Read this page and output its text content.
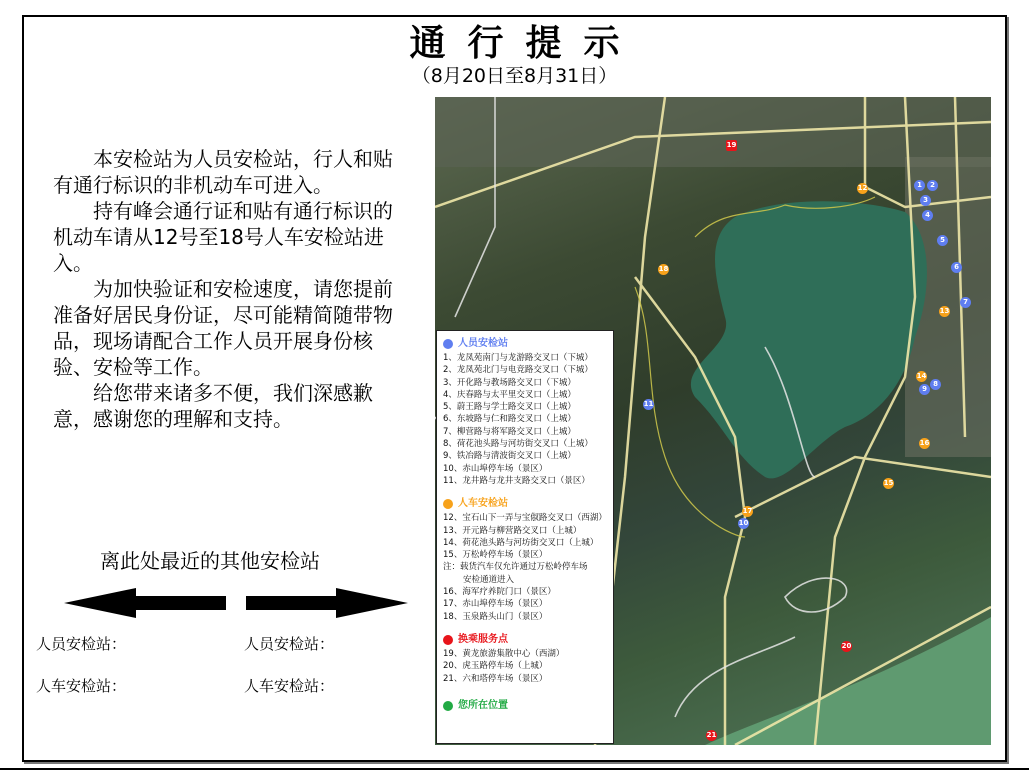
通行提示
（8月20日至8月31日）

本安检站为人员安检站，行人和贴有通行标识的非机动车可进入。

持有峰会通行证和贴有通行标识的机动车请从12号至18号人车安检站进入。

为加快验证和安检速度，请您提前准备好居民身份证，尽可能精简随带物品，现场请配合工作人员开展身份核验、安检等工作。

给您带来诸多不便，我们深感歉意，感谢您的理解和支持。

离此处最近的其他安检站
人员安检站：
人车安检站：
人员安检站：
人车安检站：
1	2
3
4
5
6
7
8
9
10
11
12
13
14
15
16
17
18
19
20
21
人员安检站
1、龙凤苑南门与龙游路交叉口（下城）
2、龙凤苑北门与电竞路交叉口（下城）
3、开化路与教场路交叉口（下城）
4、庆春路与太平里交叉口（上城）
5、蔚王路与学士路交叉口（上城）
6、东坡路与仁和路交叉口（上城）
7、柳营路与将军路交叉口（上城）
8、荷花池头路与河坊街交叉口（上城）
9、铁冶路与清波街交叉口（上城）
10、赤山埠停车场（景区）
11、龙井路与龙井支路交叉口（景区）
人车安检站
12、宝石山下一弄与宝俶路交叉口（西湖）
13、开元路与柳营路交叉口（上城）
14、荷花池头路与河坊街交叉口（上城）
15、万松岭停车场（景区）
注：载货汽车仅允许通过万松岭停车场
安检通道进入
16、海军疗养院门口（景区）
17、赤山埠停车场（景区）
18、玉泉路头山门（景区）
换乘服务点
19、黄龙旅游集散中心（西湖）
20、虎玉路停车场（上城）
21、六和塔停车场（景区）
您所在位置
